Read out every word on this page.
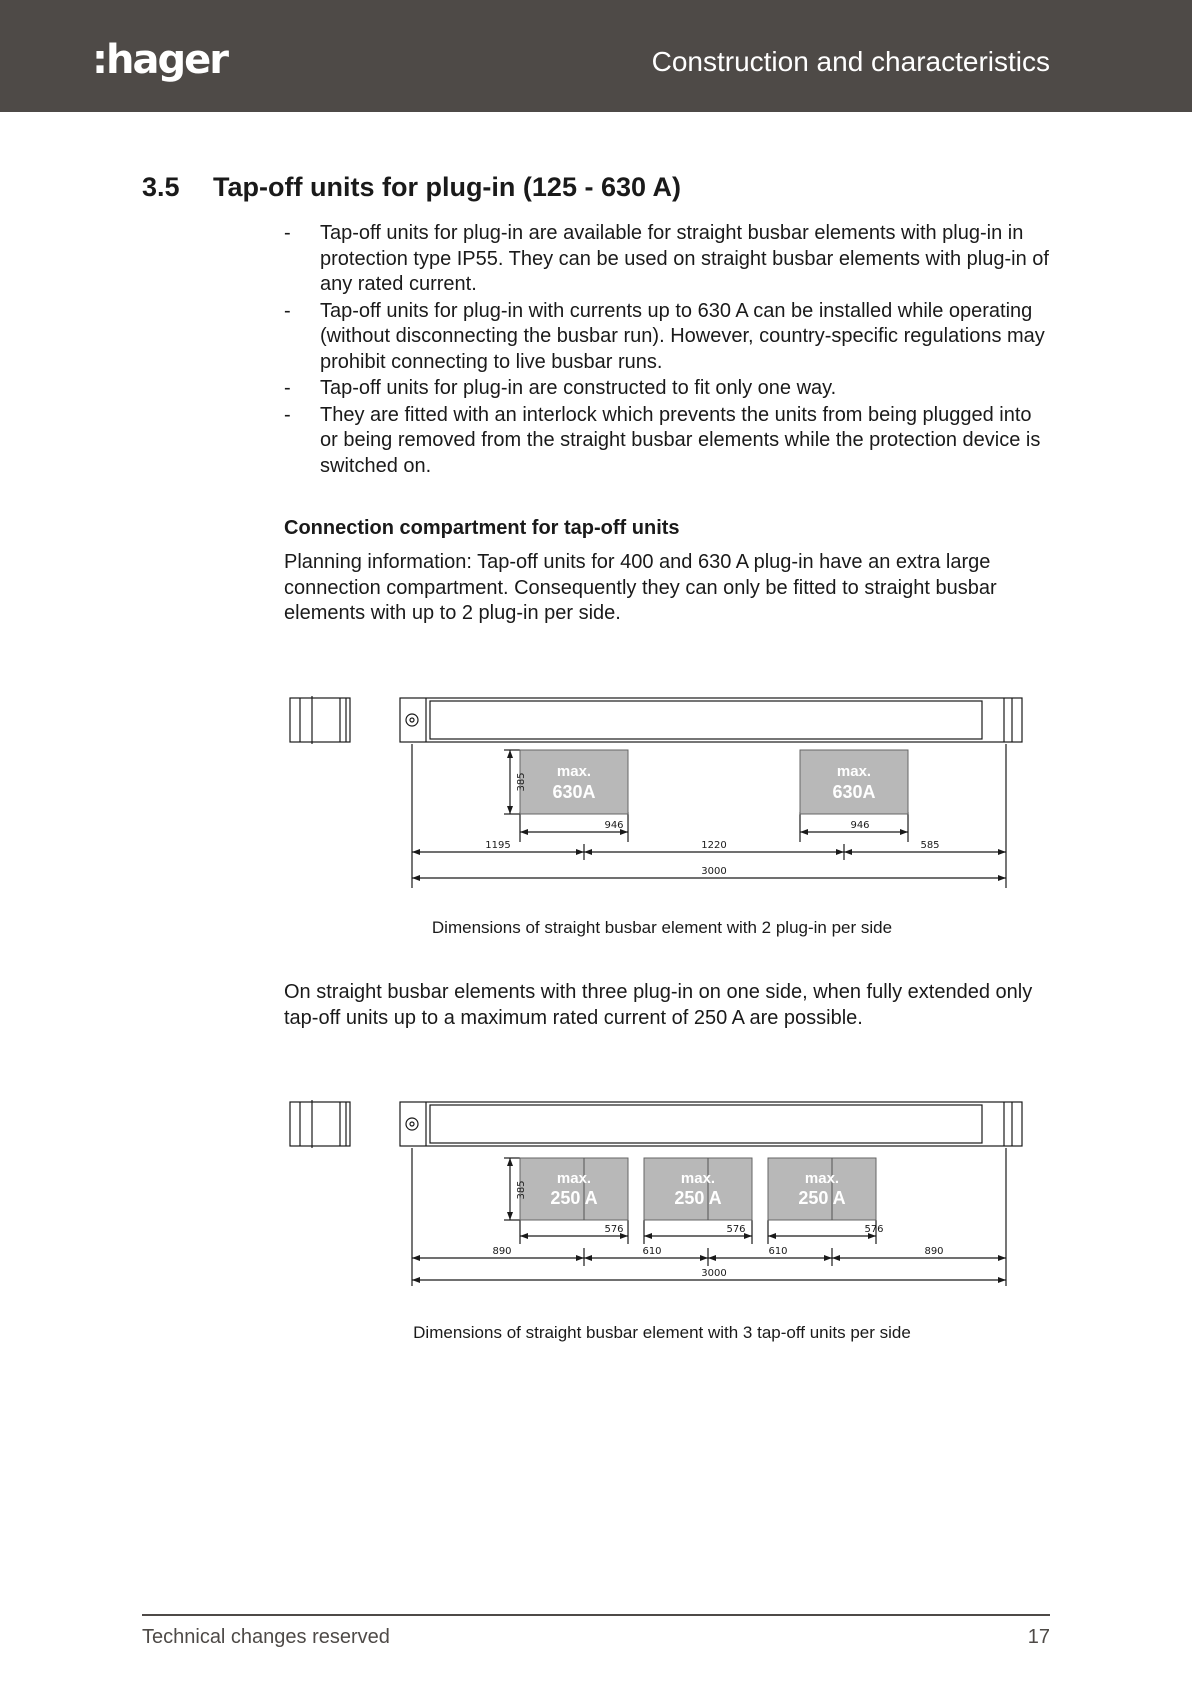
:hager	Construction and characteristics
3.5 Tap-off units for plug-in (125 - 630 A)
- Tap-off units for plug-in are available for straight busbar elements with plug-in in protection type IP55. They can be used on straight busbar elements with plug-in of any rated current.
- Tap-off units for plug-in with currents up to 630 A can be installed while operating (without disconnecting the busbar run). However, country-specific regulations may prohibit connecting to live busbar runs.
- Tap-off units for plug-in are constructed to fit only one way.
- They are fitted with an interlock which prevents the units from being plugged into or being removed from the straight busbar elements while the protection device is switched on.
Connection compartment for tap-off units

Planning information: Tap-off units for 400 and 630 A plug-in have an extra large connection compartment. Consequently they can only be fitted to straight busbar elements with up to 2 plug-in per side.

max.
630A
max.
630A
385
946	946
1195	1220	585
3000
Dimensions of straight busbar element with 2 plug-in per side

On straight busbar elements with three plug-in on one side, when fully extended only tap-off units up to a maximum rated current of 250 A are possible.

max.
250 A
max.
250 A
max.
250 A
385
576	576	576
890	610	610	890
3000
Dimensions of straight busbar element with 3 tap-off units per side
Technical changes reserved	17
